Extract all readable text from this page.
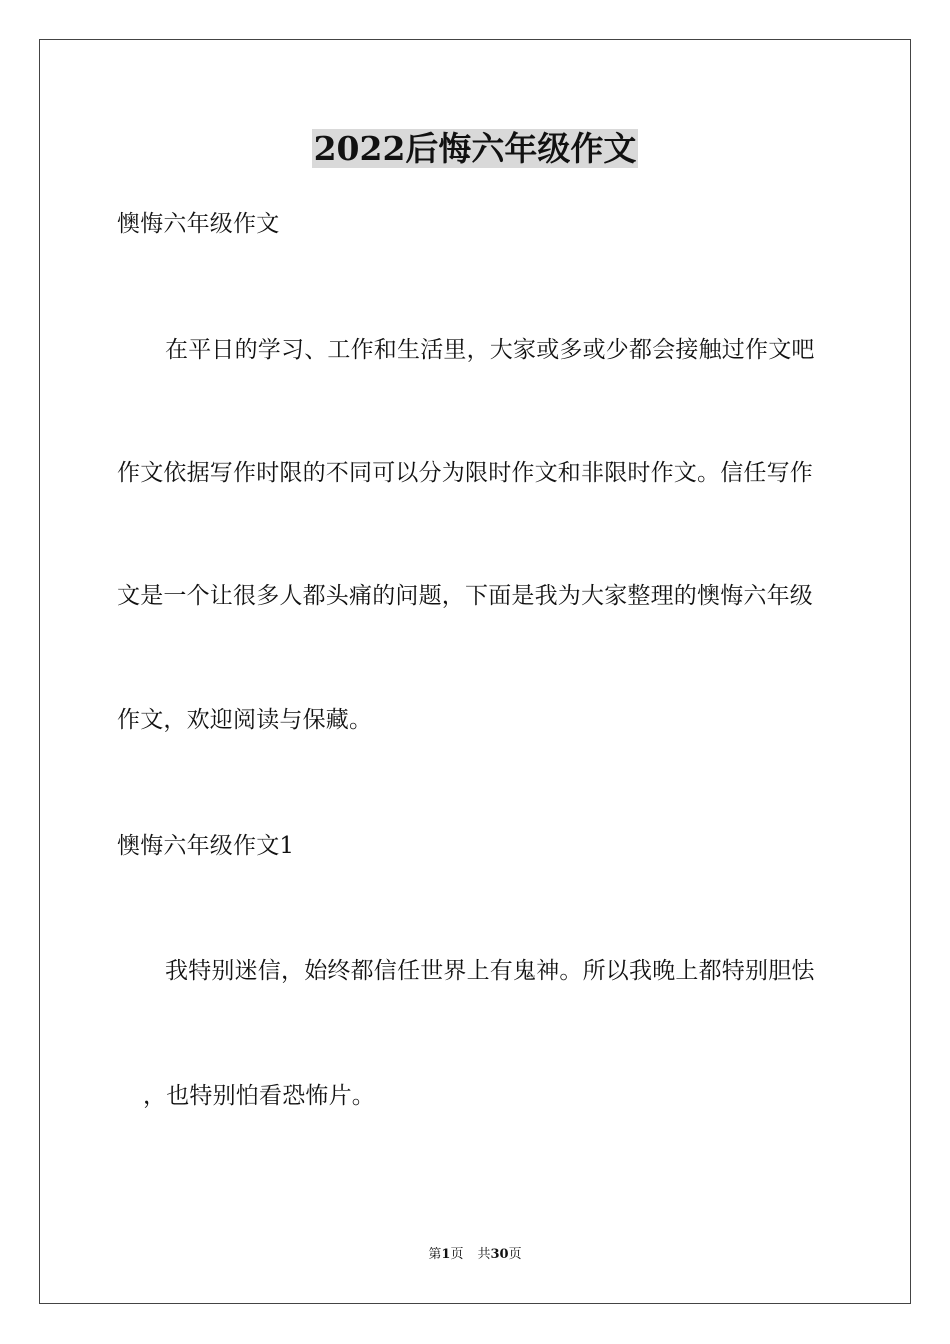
2022后悔六年级作文
懊悔六年级作文
在平日的学习、工作和生活里，大家或多或少都会接触过作文吧
作文依据写作时限的不同可以分为限时作文和非限时作文。信任写作
文是一个让很多人都头痛的问题，下面是我为大家整理的懊悔六年级
作文，欢迎阅读与保藏。
懊悔六年级作文1
我特别迷信，始终都信任世界上有鬼神。所以我晚上都特别胆怯
，也特别怕看恐怖片。
第1页 共30页
